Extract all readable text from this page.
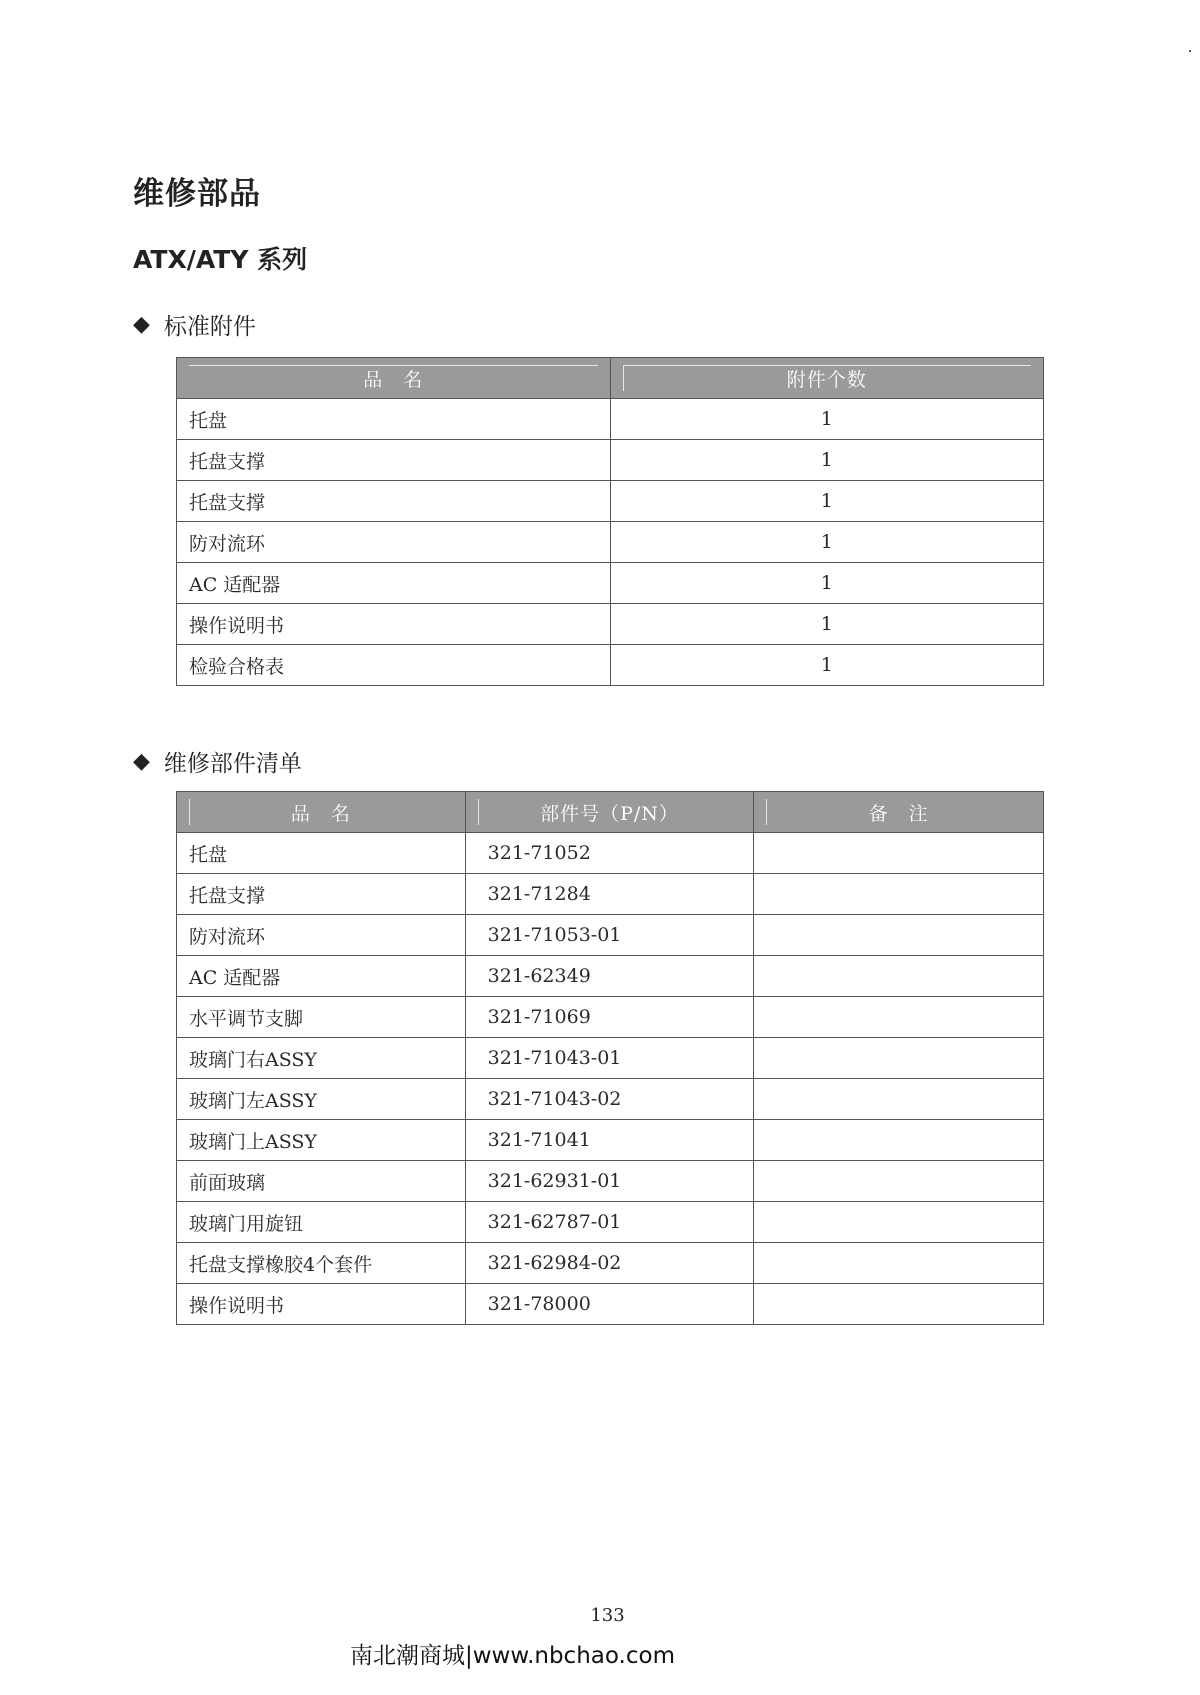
维修部品
ATX/ATY 系列
◆ 标准附件
品　名	附件个数
托盘	1
托盘支撑	1
托盘支撑	1
防对流环	1
AC 适配器	1
操作说明书	1
检验合格表	1
◆ 维修部件清单
品　名	部件号（P/N）	备　注
托盘	321-71052	
托盘支撑	321-71284	
防对流环	321-71053-01	
AC 适配器	321-62349	
水平调节支脚	321-71069	
玻璃门右ASSY	321-71043-01	
玻璃门左ASSY	321-71043-02	
玻璃门上ASSY	321-71041	
前面玻璃	321-62931-01	
玻璃门用旋钮	321-62787-01	
托盘支撑橡胶4个套件	321-62984-02	
操作说明书	321-78000	
133
南北潮商城|www.nbchao.com
